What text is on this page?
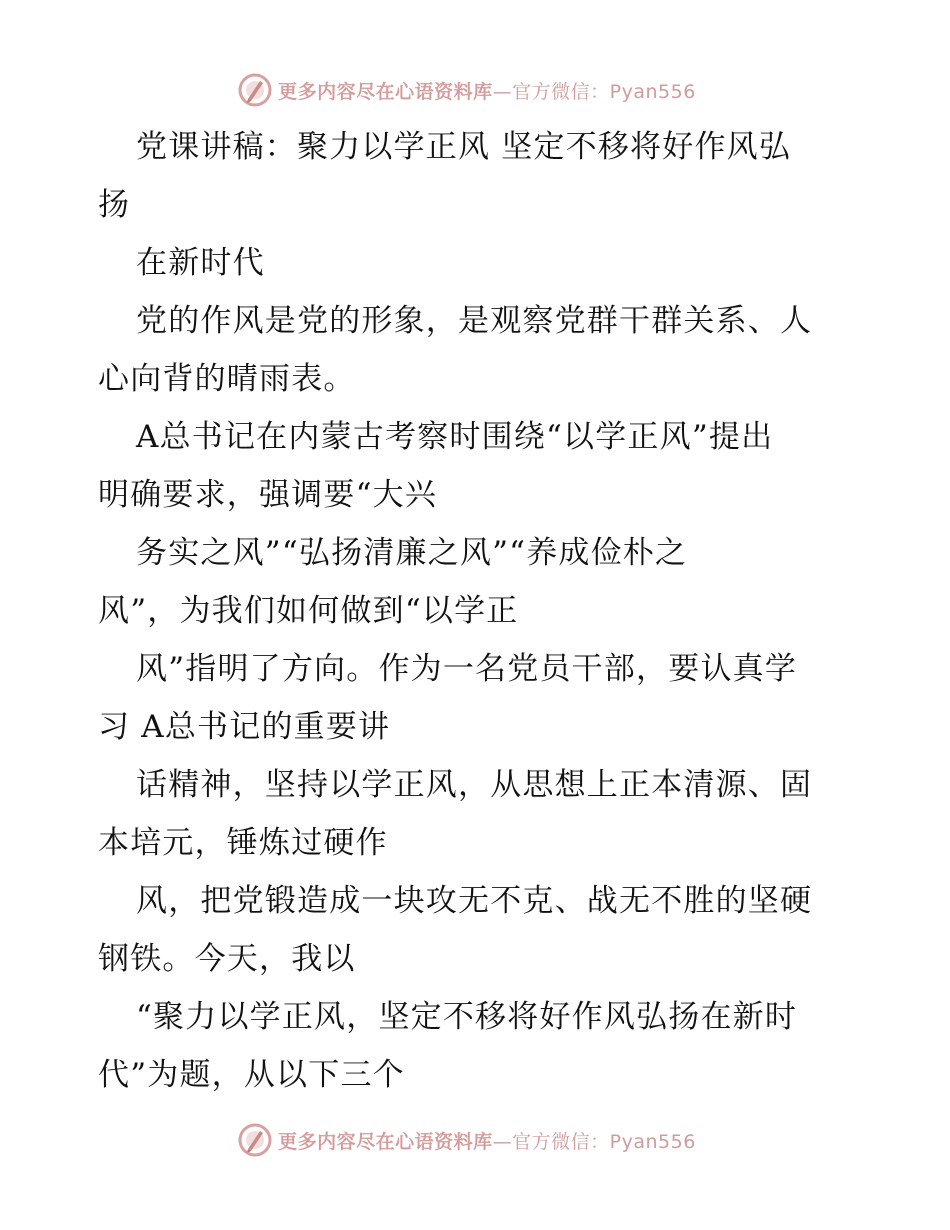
更多内容尽在心语资料库—官方微信：Pyan556
党课讲稿：聚力以学正风 坚定不移将好作风弘
扬
在新时代
党的作风是党的形象，是观察党群干群关系、人
心向背的晴雨表。
A总书记在内蒙古考察时围绕“以学正风”提出
明确要求，强调要“大兴
务实之风”“弘扬清廉之风”“养成俭朴之
风”，为我们如何做到“以学正
风”指明了方向。作为一名党员干部，要认真学
习 A总书记的重要讲
话精神，坚持以学正风，从思想上正本清源、固
本培元，锤炼过硬作
风，把党锻造成一块攻无不克、战无不胜的坚硬
钢铁。今天，我以
“聚力以学正风，坚定不移将好作风弘扬在新时
代”为题，从以下三个
更多内容尽在心语资料库—官方微信：Pyan556
